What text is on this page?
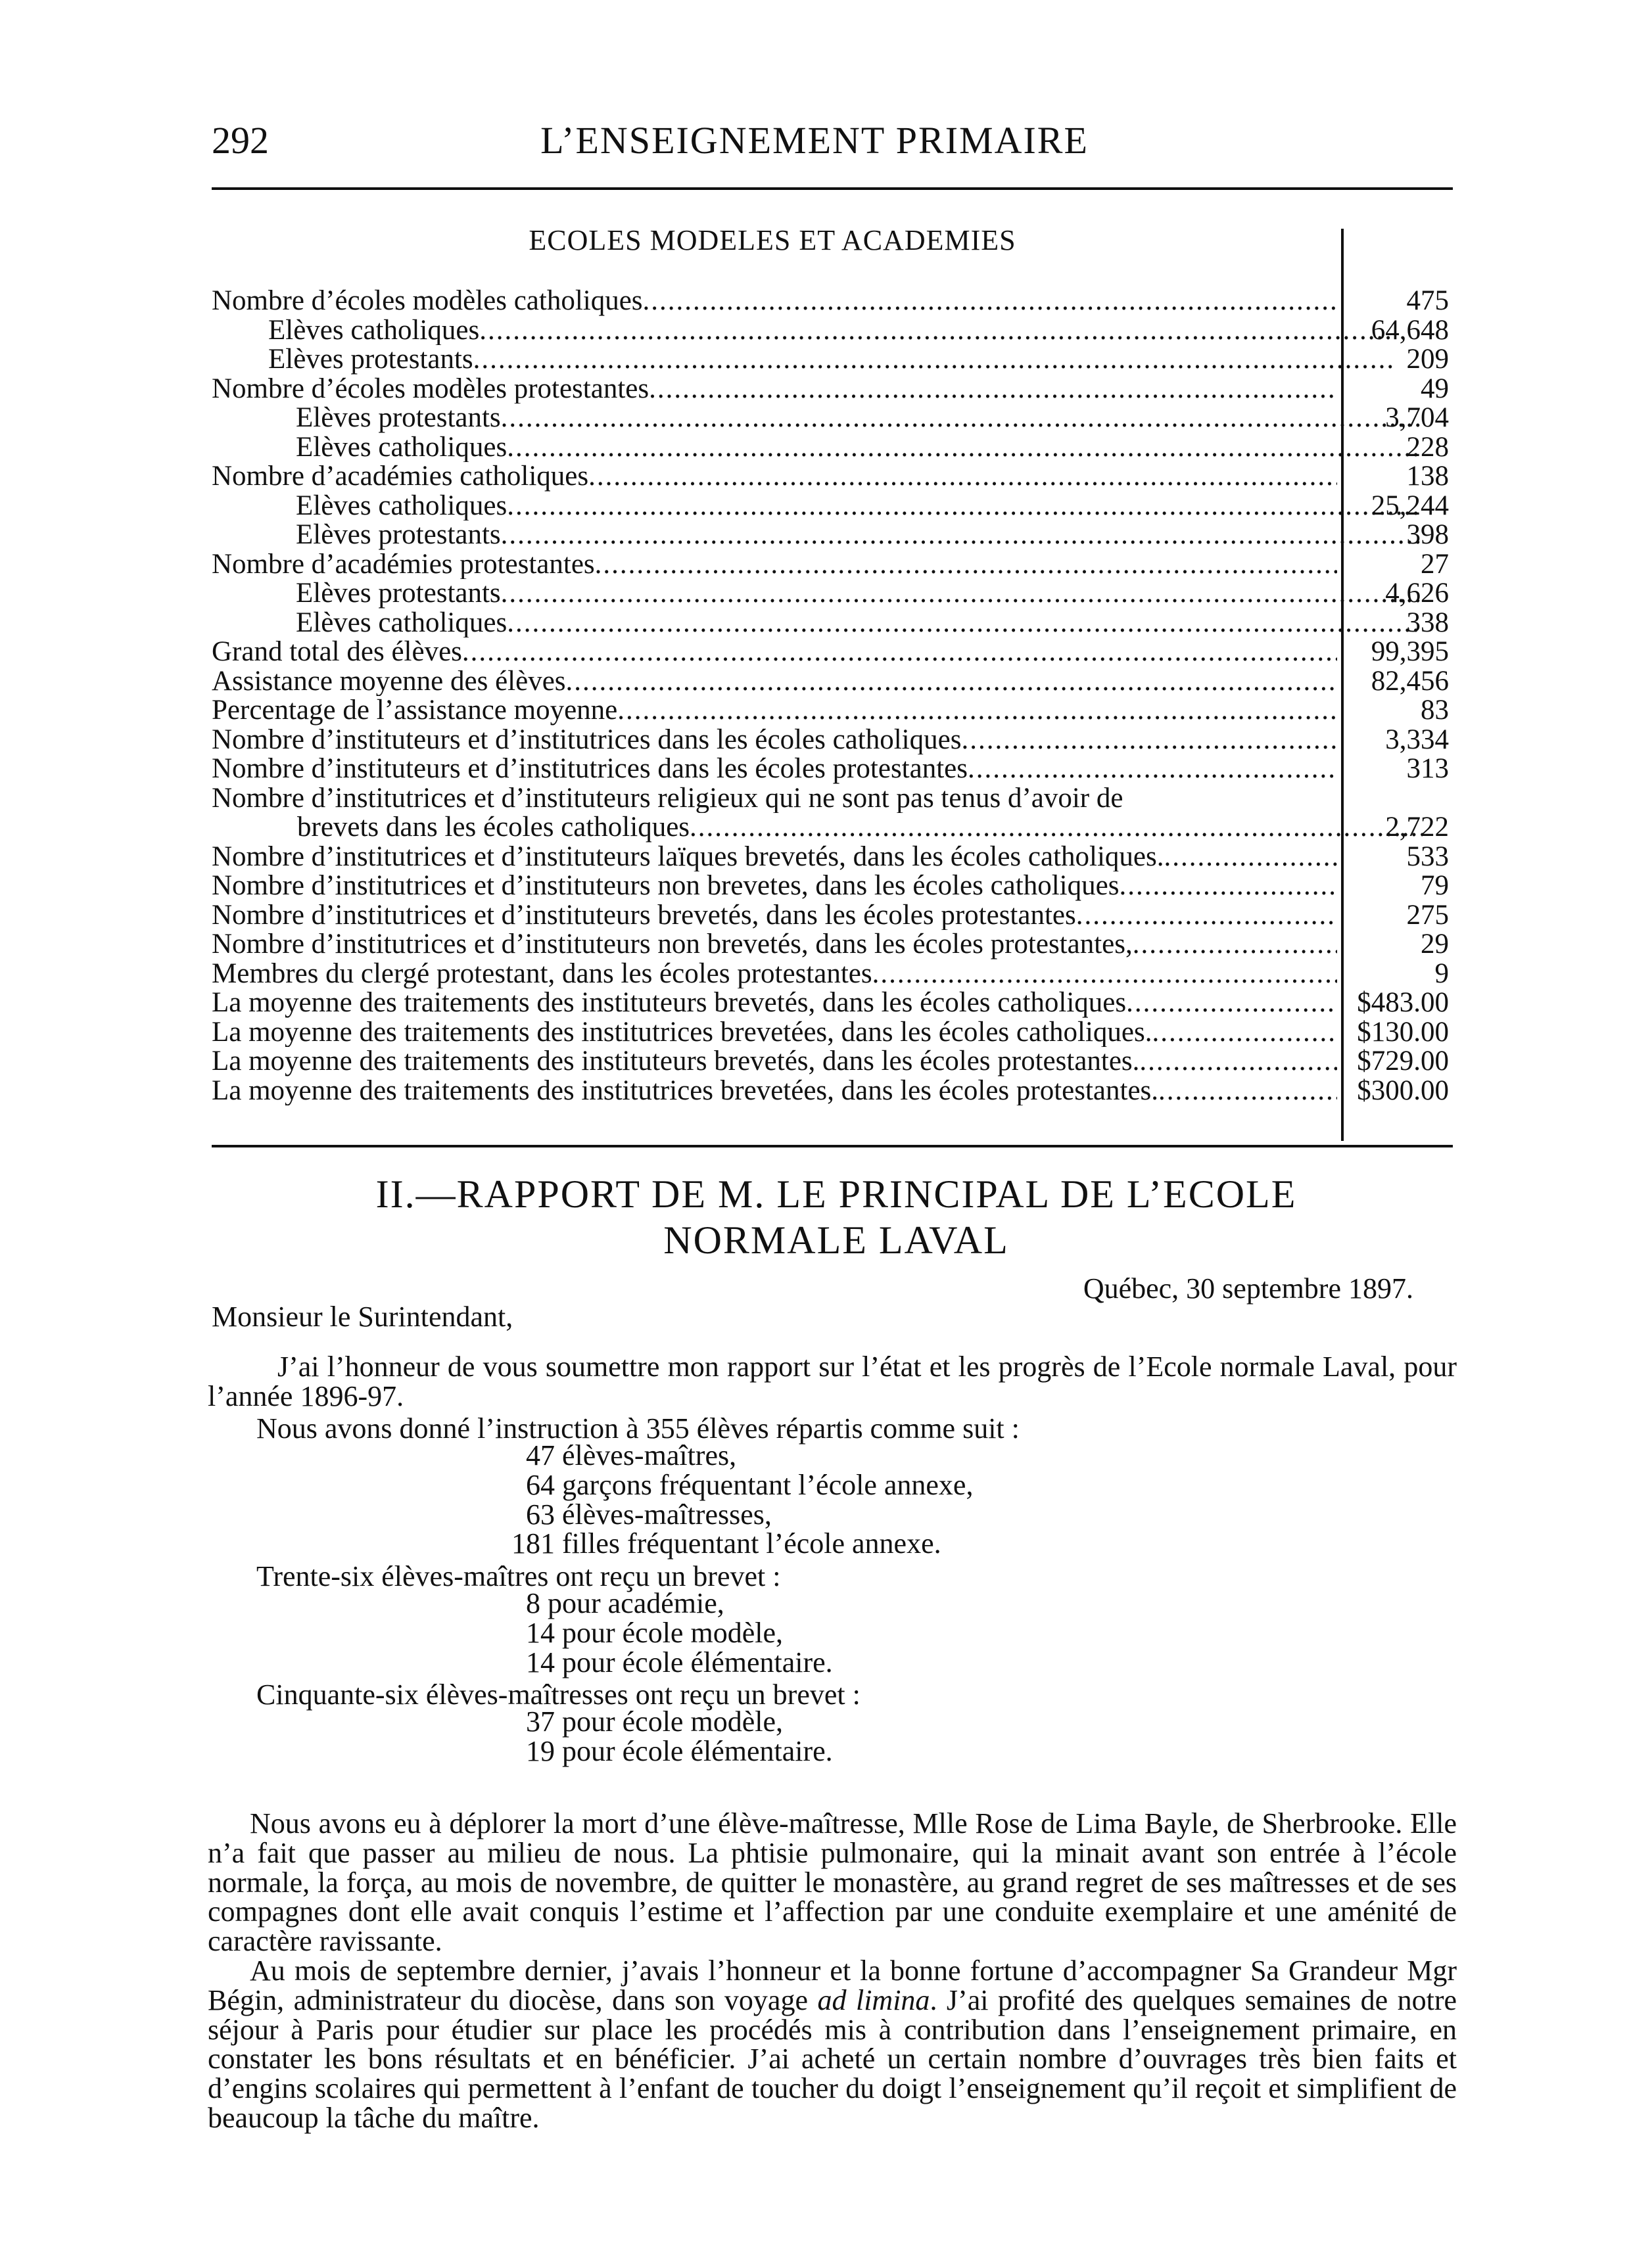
292	L’ENSEIGNEMENT PRIMAIRE
ECOLES MODELES ET ACADEMIES
Nombre d’écoles modèles catholiques .....	475
Elèves catholiques .....	64,648
Elèves protestants .....	209
Nombre d’écoles modèles protestantes .....	49
Elèves protestants .....	3,704
Elèves catholiques .....	228
Nombre d’académies catholiques .....	138
Elèves catholiques .....	25,244
Elèves protestants .....	398
Nombre d’académies protestantes .....	27
Elèves protestants .....	4,626
Elèves catholiques .....	338
Grand total des élèves .....	99,395
Assistance moyenne des élèves .....	82,456
Percentage de l’assistance moyenne .....	83
Nombre d’instituteurs et d’institutrices dans les écoles catholiques .....	3,334
Nombre d’instituteurs et d’institutrices dans les écoles protestantes .....	313
Nombre d’institutrices et d’instituteurs religieux qui ne sont pas tenus d’avoir de
brevets dans les écoles catholiques .....	2,722
Nombre d’institutrices et d’instituteurs laïques brevetés, dans les écoles catholiques. .....	533
Nombre d’institutrices et d’instituteurs non brevetes, dans les écoles catholiques .....	79
Nombre d’institutrices et d’instituteurs brevetés, dans les écoles protestantes .....	275
Nombre d’institutrices et d’instituteurs non brevetés, dans les écoles protestantes, .....	29
Membres du clergé protestant, dans les écoles protestantes .....	9
La moyenne des traitements des instituteurs brevetés, dans les écoles catholiques .....	$483.00
La moyenne des traitements des institutrices brevetées, dans les écoles catholiques. .....	$130.00
La moyenne des traitements des instituteurs brevetés, dans les écoles protestantes. .....	$729.00
La moyenne des traitements des institutrices brevetées, dans les écoles protestantes. .....	$300.00
II.—RAPPORT DE M. LE PRINCIPAL DE L’ECOLE
NORMALE LAVAL
Québec, 30 septembre 1897.
Monsieur le Surintendant,
J’ai l’honneur de vous soumettre mon rapport sur l’état et les progrès de l’Ecole normale Laval, pour l’année 1896-97.
Nous avons donné l’instruction à 355 élèves répartis comme suit :
47 élèves-maîtres,
64 garçons fréquentant l’école annexe,
63 élèves-maîtresses,
181 filles fréquentant l’école annexe.
Trente-six élèves-maîtres ont reçu un brevet :
8 pour académie,
14 pour école modèle,
14 pour école élémentaire.
Cinquante-six élèves-maîtresses ont reçu un brevet :
37 pour école modèle,
19 pour école élémentaire.

Nous avons eu à déplorer la mort d’une élève-maîtresse, Mlle Rose de Lima Bayle, de Sherbrooke. Elle n’a fait que passer au milieu de nous. La phtisie pulmonaire, qui la minait avant son entrée à l’école normale, la força, au mois de novembre, de quitter le monastère, au grand regret de ses maîtresses et de ses compagnes dont elle avait conquis l’estime et l’affection par une conduite exemplaire et une aménité de caractère ravissante.

Au mois de septembre dernier, j’avais l’honneur et la bonne fortune d’accompagner Sa Grandeur Mgr Bégin, administrateur du diocèse, dans son voyage ad limina. J’ai profité des quelques semaines de notre séjour à Paris pour étudier sur place les procédés mis à contribution dans l’enseignement primaire, en constater les bons résultats et en bénéficier. J’ai acheté un certain nombre d’ouvrages très bien faits et d’engins scolaires qui permettent à l’enfant de toucher du doigt l’enseignement qu’il reçoit et simplifient de beaucoup la tâche du maître.
